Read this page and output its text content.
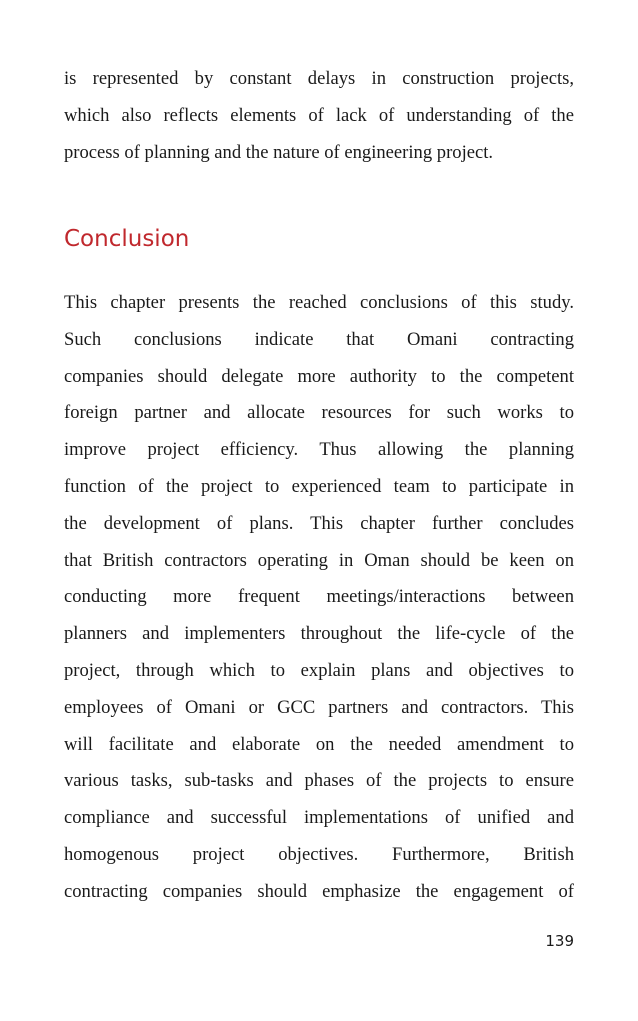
is represented by constant delays in construction projects,
which also reflects elements of lack of understanding of the
process of planning and the nature of engineering project.

Conclusion

This chapter presents the reached conclusions of this study.
Such conclusions indicate that Omani contracting
companies should delegate more authority to the competent
foreign partner and allocate resources for such works to
improve project efficiency. Thus allowing the planning
function of the project to experienced team to participate in
the development of plans. This chapter further concludes
that British contractors operating in Oman should be keen on
conducting more frequent meetings/interactions between
planners and implementers throughout the life-cycle of the
project, through which to explain plans and objectives to
employees of Omani or GCC partners and contractors. This
will facilitate and elaborate on the needed amendment to
various tasks, sub-tasks and phases of the projects to ensure
compliance and successful implementations of unified and
homogenous project objectives. Furthermore, British
contracting companies should emphasize the engagement of

139
